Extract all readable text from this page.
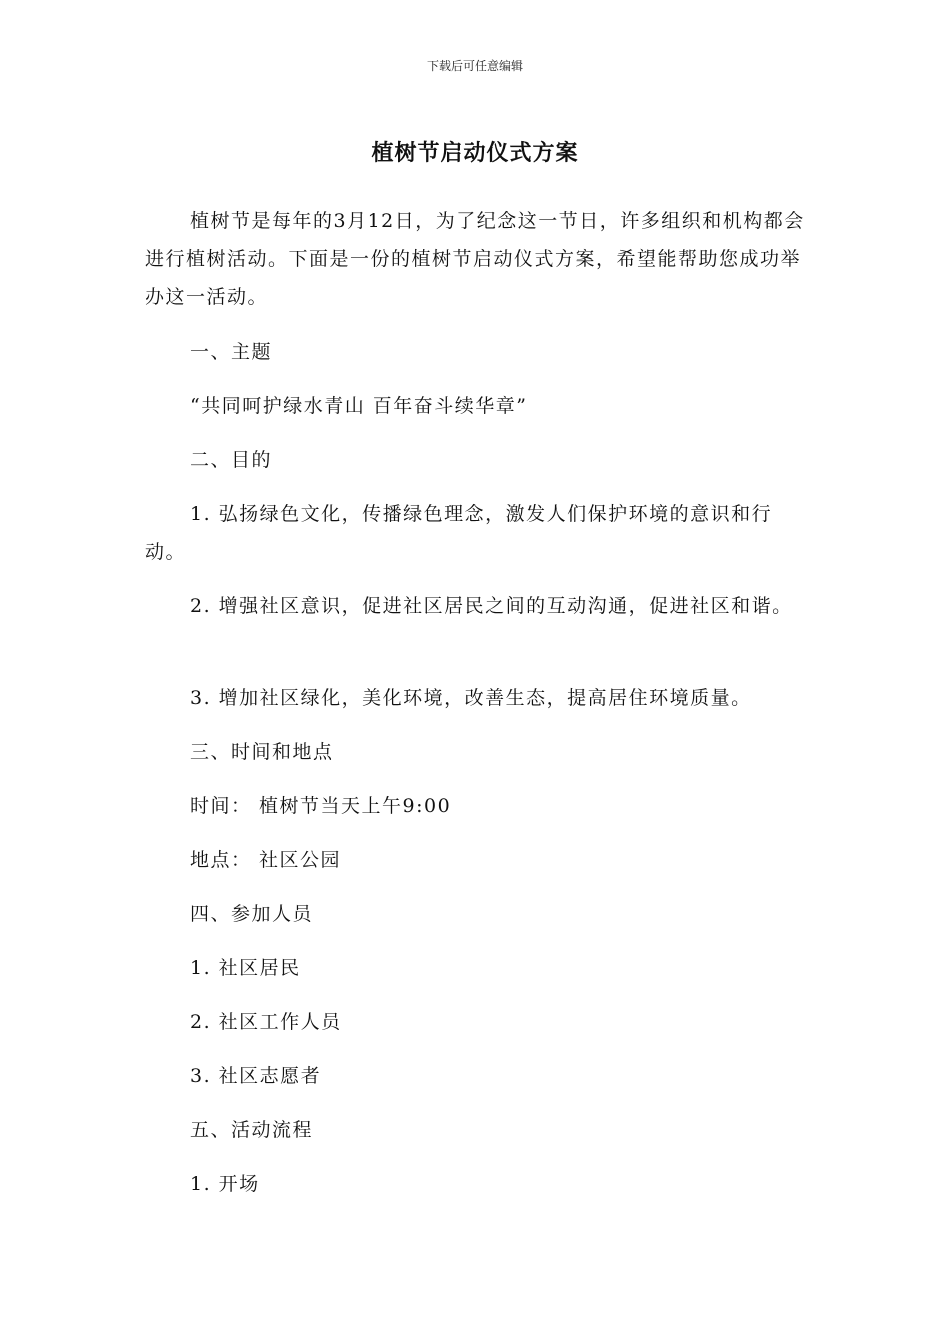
下载后可任意编辑
植树节启动仪式方案
植树节是每年的3月12日，为了纪念这一节日，许多组织和机构都会进行植树活动。下面是一份的植树节启动仪式方案，希望能帮助您成功举办这一活动。

一、主题

“共同呵护绿水青山 百年奋斗续华章”

二、目的

1. 弘扬绿色文化，传播绿色理念，激发人们保护环境的意识和行动。

2. 增强社区意识，促进社区居民之间的互动沟通，促进社区和谐。

3. 增加社区绿化，美化环境，改善生态，提高居住环境质量。

三、时间和地点

时间： 植树节当天上午9:00

地点： 社区公园

四、参加人员

1. 社区居民

2. 社区工作人员

3. 社区志愿者

五、活动流程

1. 开场
